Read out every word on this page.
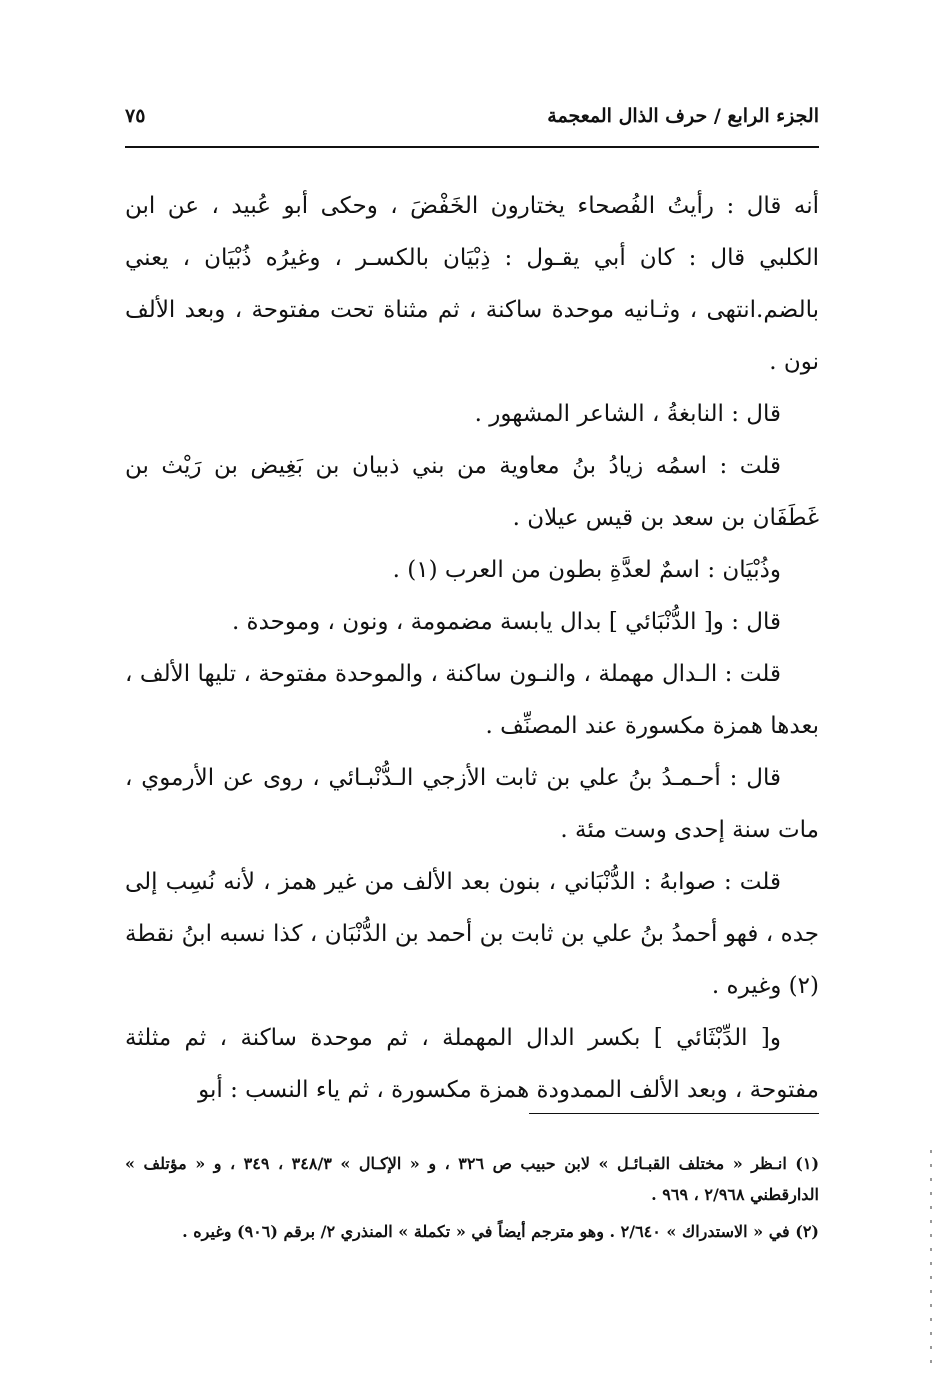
الجزء الرابع / حرف الذال المعجمة
٧٥

أنه قال : رأيتُ الفُصحاء يختارون الخَفْضَ ، وحكى أبو عُبيد ، عن ابن الكلبي قال : كان أبي يقـول : ذِبْيَان بالكسـر ، وغيرُه ذُبْيَان ، يعني بالضم.انتهى ، وثـانيه موحدة ساكنة ، ثم مثناة تحت مفتوحة ، وبعد الألف نون .

قال : النابغةُ ، الشاعر المشهور .

قلت : اسمُه زيادُ بنُ معاوية من بني ذبيان بن بَغِيض بن رَيْث بن غَطَفَان بن سعد بن قيس عيلان .

وذُبْيَان : اسمٌ لعدَّةِ بطون من العرب (١) .

قال : و[ الدُّنْبَائي ] بدال يابسة مضمومة ، ونون ، وموحدة .

قلت : الـدال مهملة ، والنـون ساكنة ، والموحدة مفتوحة ، تليها الألف ، بعدها همزة مكسورة عند المصنِّف .

قال : أحـمـدُ بنُ علي بن ثابت الأزجي الـدُّنْبـائي ، روى عن الأرموي ، مات سنة إحدى وست مئة .

قلت : صوابهُ : الدُّنْبَاني ، بنون بعد الألف من غير همز ، لأنه نُسِب إلى جده ، فهو أحمدُ بنُ علي بن ثابت بن أحمد بن الدُّنْبَان ، كذا نسبه ابنُ نقطة (٢) وغيره .

و[ الدِّبْثَائي ] بكسر الدال المهملة ، ثم موحدة ساكنة ، ثم مثلثة مفتوحة ، وبعد الألف الممدودة همزة مكسورة ، ثم ياء النسب : أبو

(١) انـظر « مختلف القبـائـل » لابن حبيب ص ٣٢٦ ، و « الإكـال » ٣٤٨/٣ ، ٣٤٩ ، و « مؤتلف » الدارقطني ٢/٩٦٨ ، ٩٦٩ .

(٢) في « الاستدراك » ٢/٦٤٠ . وهو مترجم أيضاً في « تكملة » المنذري ٢/ برقم (٩٠٦) وغيره .
